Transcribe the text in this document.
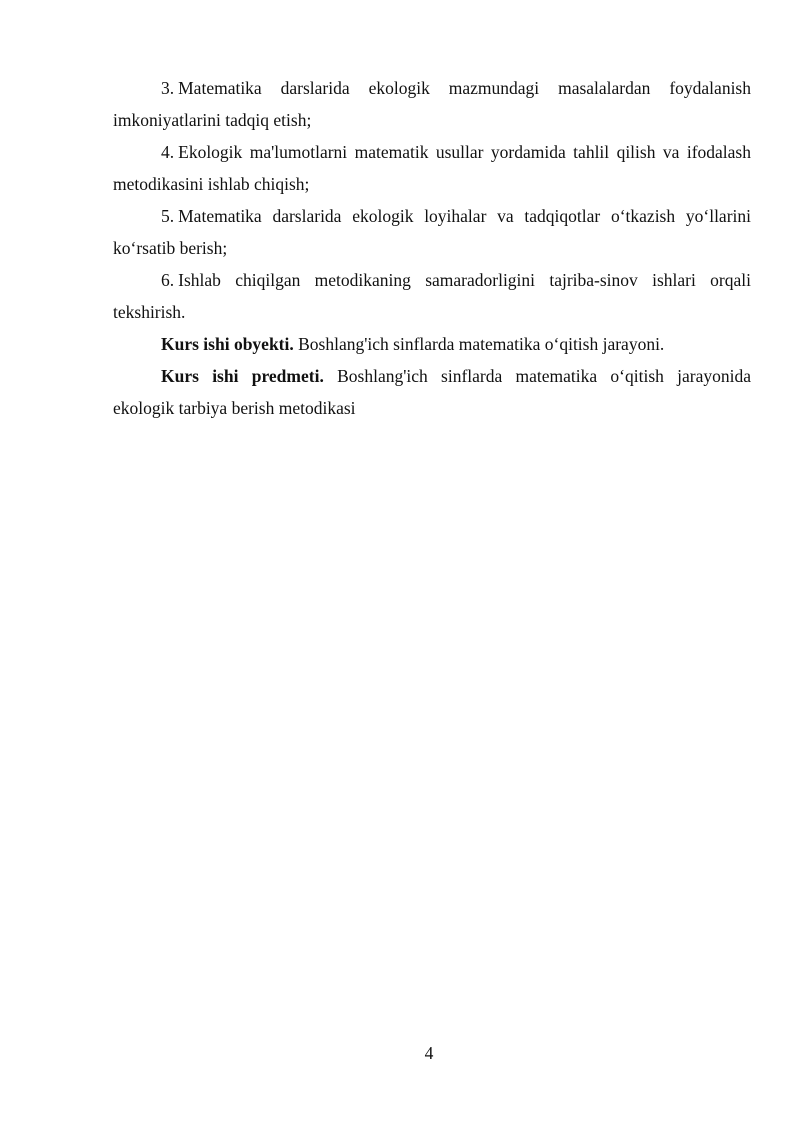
3. Matematika darslarida ekologik mazmundagi masalalardan foydalanish imkoniyatlarini tadqiq etish;

4. Ekologik ma'lumotlarni matematik usullar yordamida tahlil qilish va ifodalash metodikasini ishlab chiqish;

5. Matematika darslarida ekologik loyihalar va tadqiqotlar o‘tkazish yo‘llarini ko‘rsatib berish;

6. Ishlab chiqilgan metodikaning samaradorligini tajriba-sinov ishlari orqali tekshirish.

Kurs ishi obyekti. Boshlang'ich sinflarda matematika o‘qitish jarayoni.

Kurs ishi predmeti. Boshlang'ich sinflarda matematika o‘qitish jarayonida ekologik tarbiya berish metodikasi

4
